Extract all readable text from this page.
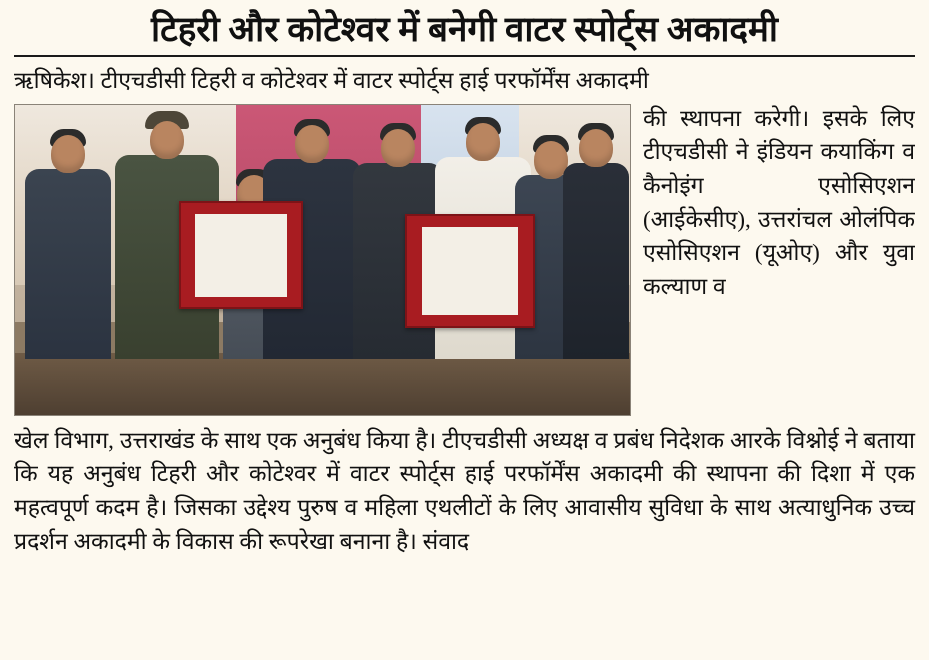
टिहरी और कोटेश्वर में बनेगी वाटर स्पोर्ट्स अकादमी
ऋषिकेश। टीएचडीसी टिहरी व कोटेश्वर में वाटर स्पोर्ट्स हाई परफॉर्मेंस अकादमी

की स्थापना करेगी। इसके लिए टीएचडीसी ने इंडियन कयाकिंग व कैनोइंग एसोसिएशन (आईकेसीए), उत्तरांचल ओलंपिक एसोसिएशन (यूओए) और युवा कल्याण व

खेल विभाग, उत्तराखंड के साथ एक अनुबंध किया है। टीएचडीसी अध्यक्ष व प्रबंध निदेशक आरके विश्नोई ने बताया कि यह अनुबंध टिहरी और कोटेश्वर में वाटर स्पोर्ट्स हाई परफॉर्मेंस अकादमी की स्थापना की दिशा में एक महत्वपूर्ण कदम है। जिसका उद्देश्य पुरुष व महिला एथलीटों के लिए आवासीय सुविधा के साथ अत्याधुनिक उच्च प्रदर्शन अकादमी के विकास की रूपरेखा बनाना है। संवाद
